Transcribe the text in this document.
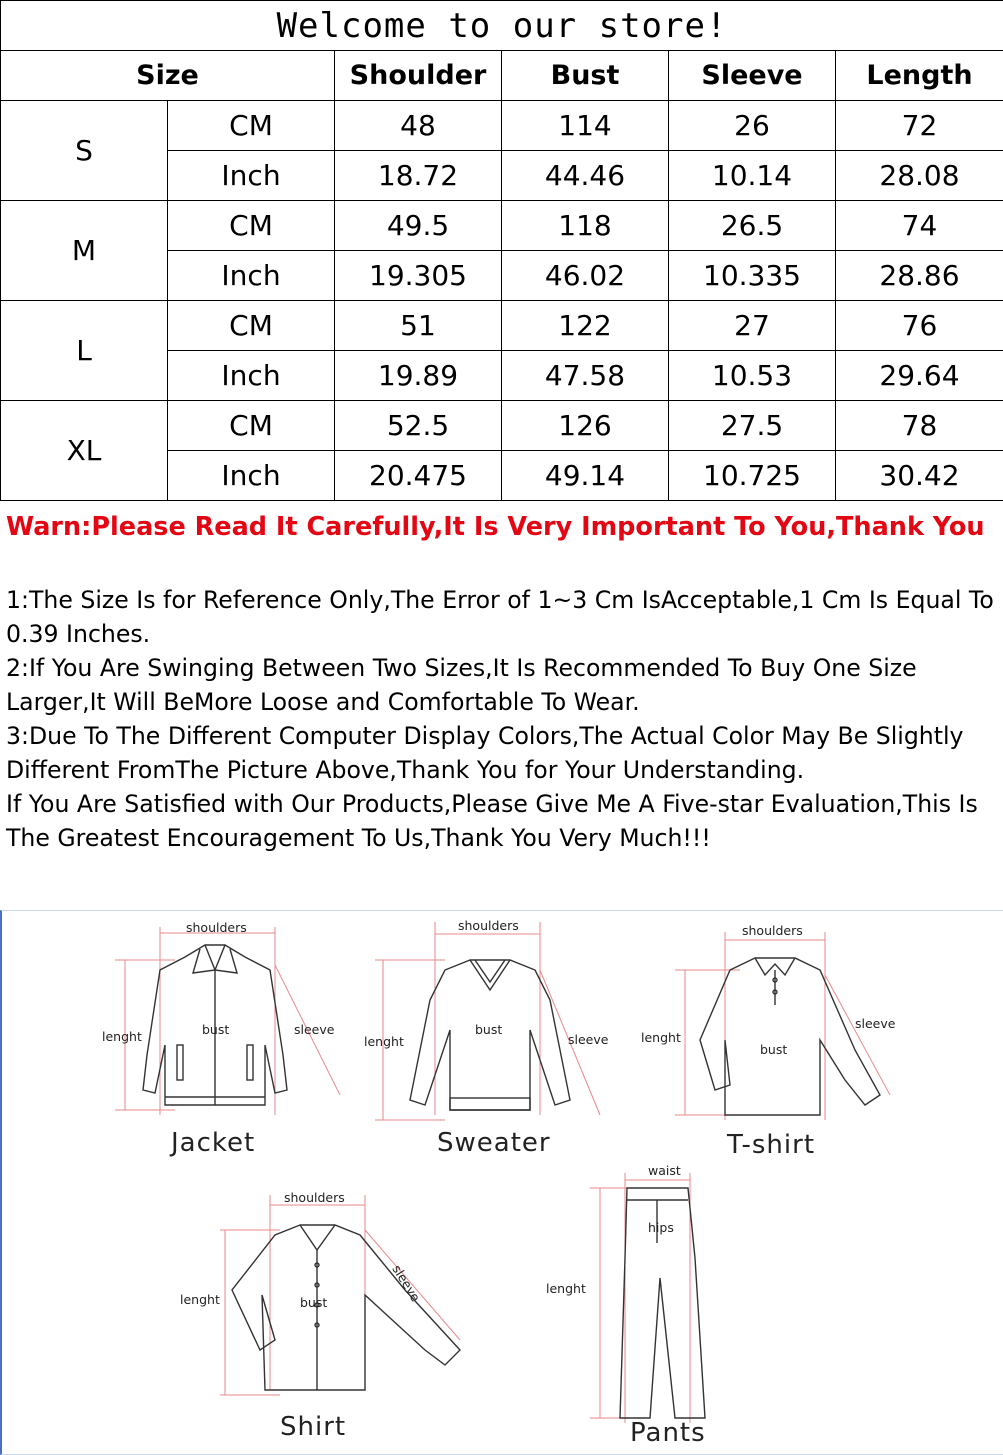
Welcome to our store!					
Size		Shoulder	Bust	Sleeve	Length
S	CM	48	114	26	72
	Inch	18.72	44.46	10.14	28.08
M	CM	49.5	118	26.5	74
	Inch	19.305	46.02	10.335	28.86
L	CM	51	122	27	76
	Inch	19.89	47.58	10.53	29.64
XL	CM	52.5	126	27.5	78
	Inch	20.475	49.14	10.725	30.42
Warn:Please Read It Carefully,It Is Very Important To You,Thank You

1:The Size Is for Reference Only,The Error of 1~3 Cm IsAcceptable,1 Cm Is Equal To 0.39 Inches.

2:If You Are Swinging Between Two Sizes,It Is Recommended To Buy One Size Larger,It Will BeMore Loose and Comfortable To Wear.

3:Due To The Different Computer Display Colors,The Actual Color May Be Slightly Different FromThe Picture Above,Thank You for Your Understanding.

If You Are Satisfied with Our Products,Please Give Me A Five-star Evaluation,This Is The Greatest Encouragement To Us,Thank You Very Much!!!

shoulders
lenght	bust	sleeve
Jacket
shoulders
lenght
bust
sleeve
Sweater
shoulders
lenght
bust
sleeve
T-shirt
shoulders
lenght	bust	sleeve
Shirt
waist
hips
lenght
Pants
